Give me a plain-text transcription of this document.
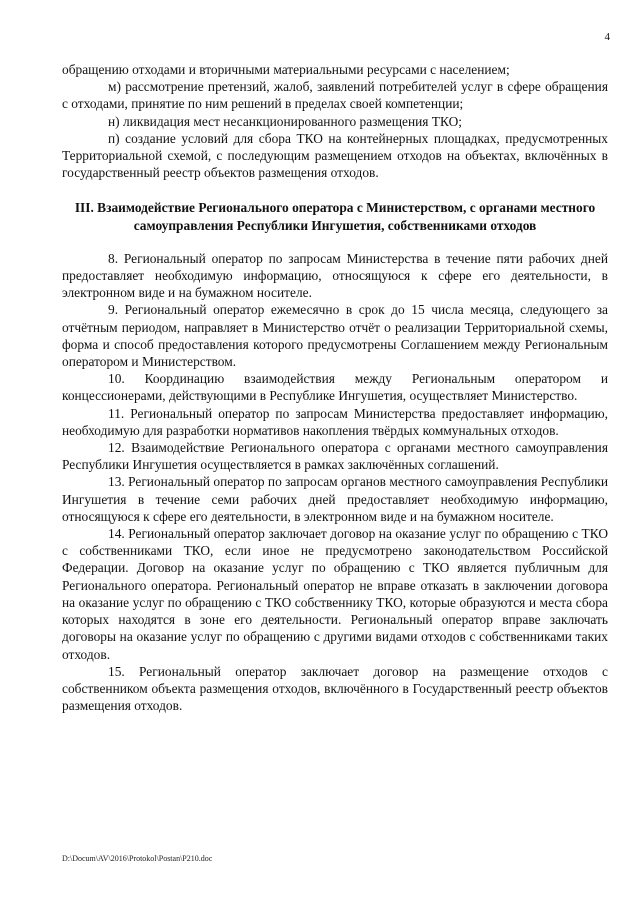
4

обращению отходами и вторичными материальными ресурсами с населением;

м) рассмотрение претензий, жалоб, заявлений потребителей услуг в сфере обращения с отходами, принятие по ним решений в пределах своей компетенции;

н) ликвидация мест несанкционированного размещения ТКО;

п) создание условий для сбора ТКО на контейнерных площадках, предусмотренных Территориальной схемой, с последующим размещением отходов на объектах, включённых в государственный реестр объектов размещения отходов.

III. Взаимодействие Регионального оператора с Министерством, с органами местного самоуправления Республики Ингушетия, собственниками отходов

8. Региональный оператор по запросам Министерства в течение пяти рабочих дней предоставляет необходимую информацию, относящуюся к сфере его деятельности, в электронном виде и на бумажном носителе.

9. Региональный оператор ежемесячно в срок до 15 числа месяца, следующего за отчётным периодом, направляет в Министерство отчёт о реализации Территориальной схемы, форма и способ предоставления которого предусмотрены Соглашением между Региональным оператором и Министерством.

10. Координацию взаимодействия между Региональным оператором и концессионерами, действующими в Республике Ингушетия, осуществляет Министерство.

11. Региональный оператор по запросам Министерства предоставляет информацию, необходимую для разработки нормативов накопления твёрдых коммунальных отходов.

12. Взаимодействие Регионального оператора с органами местного самоуправления Республики Ингушетия осуществляется в рамках заключённых соглашений.

13. Региональный оператор по запросам органов местного самоуправления Республики Ингушетия в течение семи рабочих дней предоставляет необходимую информацию, относящуюся к сфере его деятельности, в электронном виде и на бумажном носителе.

14. Региональный оператор заключает договор на оказание услуг по обращению с ТКО с собственниками ТКО, если иное не предусмотрено законодательством Российской Федерации. Договор на оказание услуг по обращению с ТКО является публичным для Регионального оператора. Региональный оператор не вправе отказать в заключении договора на оказание услуг по обращению с ТКО собственнику ТКО, которые образуются и места сбора которых находятся в зоне его деятельности. Региональный оператор вправе заключать договоры на оказание услуг по обращению с другими видами отходов с собственниками таких отходов.

15. Региональный оператор заключает договор на размещение отходов с собственником объекта размещения отходов, включённого в Государственный реестр объектов размещения отходов.

D:\Docum\AV\2016\Protokol\Postan\P210.doc
